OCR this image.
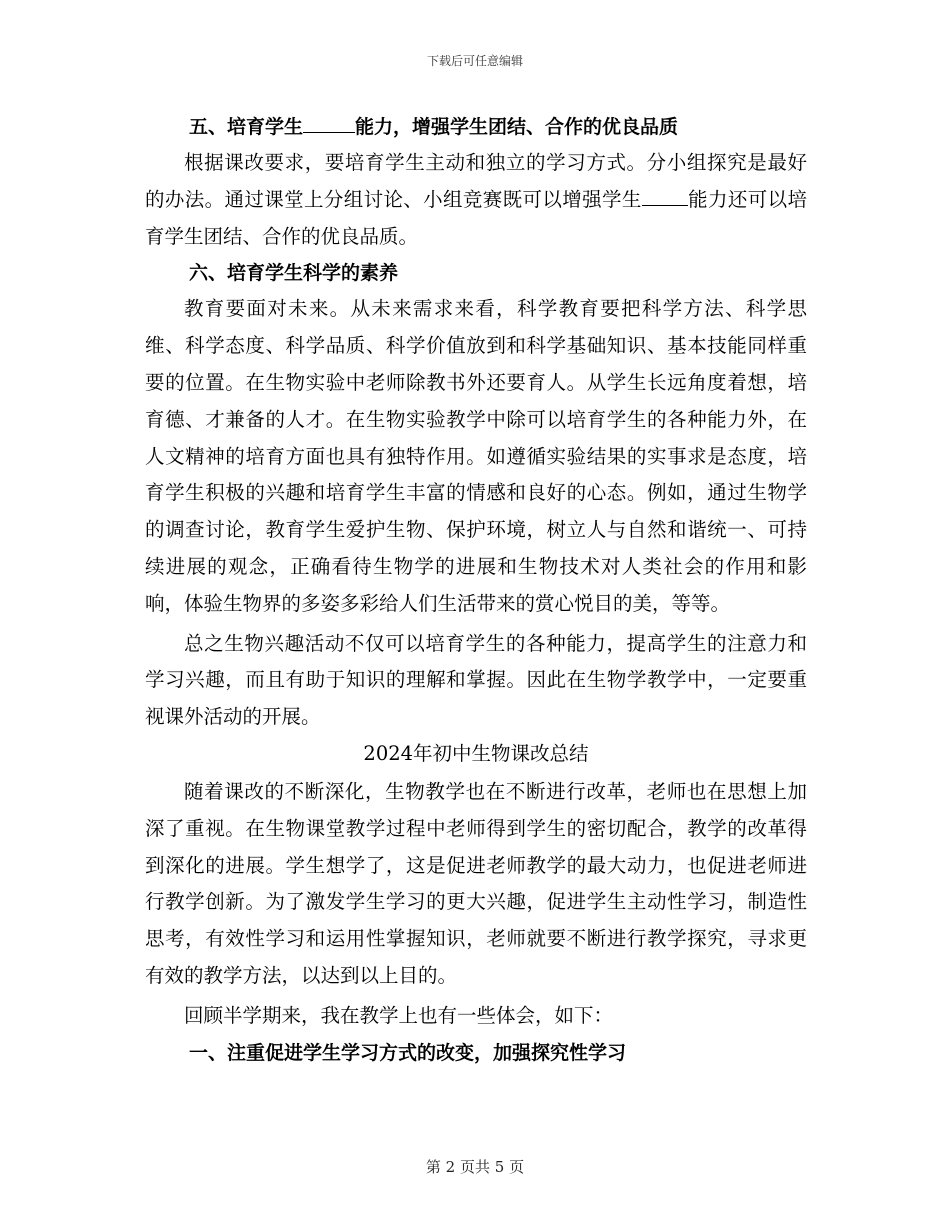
下载后可任意编辑
五、培育学生	能力，增强学生团结、合作的优良品质

根据课改要求，要培育学生主动和独立的学习方式。分小组探究是最好的办法。通过课堂上分组讨论、小组竞赛既可以增强学生 能力还可以培育学生团结、合作的优良品质。

六、培育学生科学的素养

教育要面对未来。从未来需求来看，科学教育要把科学方法、科学思维、科学态度、科学品质、科学价值放到和科学基础知识、基本技能同样重要的位置。在生物实验中老师除教书外还要育人。从学生长远角度着想，培育德、才兼备的人才。在生物实验教学中除可以培育学生的各种能力外，在人文精神的培育方面也具有独特作用。如遵循实验结果的实事求是态度，培育学生积极的兴趣和培育学生丰富的情感和良好的心态。例如，通过生物学的调查讨论，教育学生爱护生物、保护环境，树立人与自然和谐统一、可持续进展的观念，正确看待生物学的进展和生物技术对人类社会的作用和影响，体验生物界的多姿多彩给人们生活带来的赏心悦目的美，等等。

总之生物兴趣活动不仅可以培育学生的各种能力，提高学生的注意力和学习兴趣，而且有助于知识的理解和掌握。因此在生物学教学中，一定要重视课外活动的开展。

2024年初中生物课改总结

随着课改的不断深化，生物教学也在不断进行改革，老师也在思想上加深了重视。在生物课堂教学过程中老师得到学生的密切配合，教学的改革得到深化的进展。学生想学了，这是促进老师教学的最大动力，也促进老师进行教学创新。为了激发学生学习的更大兴趣，促进学生主动性学习，制造性思考，有效性学习和运用性掌握知识，老师就要不断进行教学探究，寻求更有效的教学方法，以达到以上目的。

回顾半学期来，我在教学上也有一些体会，如下：

一、注重促进学生学习方式的改变，加强探究性学习
第 2 页共 5 页
